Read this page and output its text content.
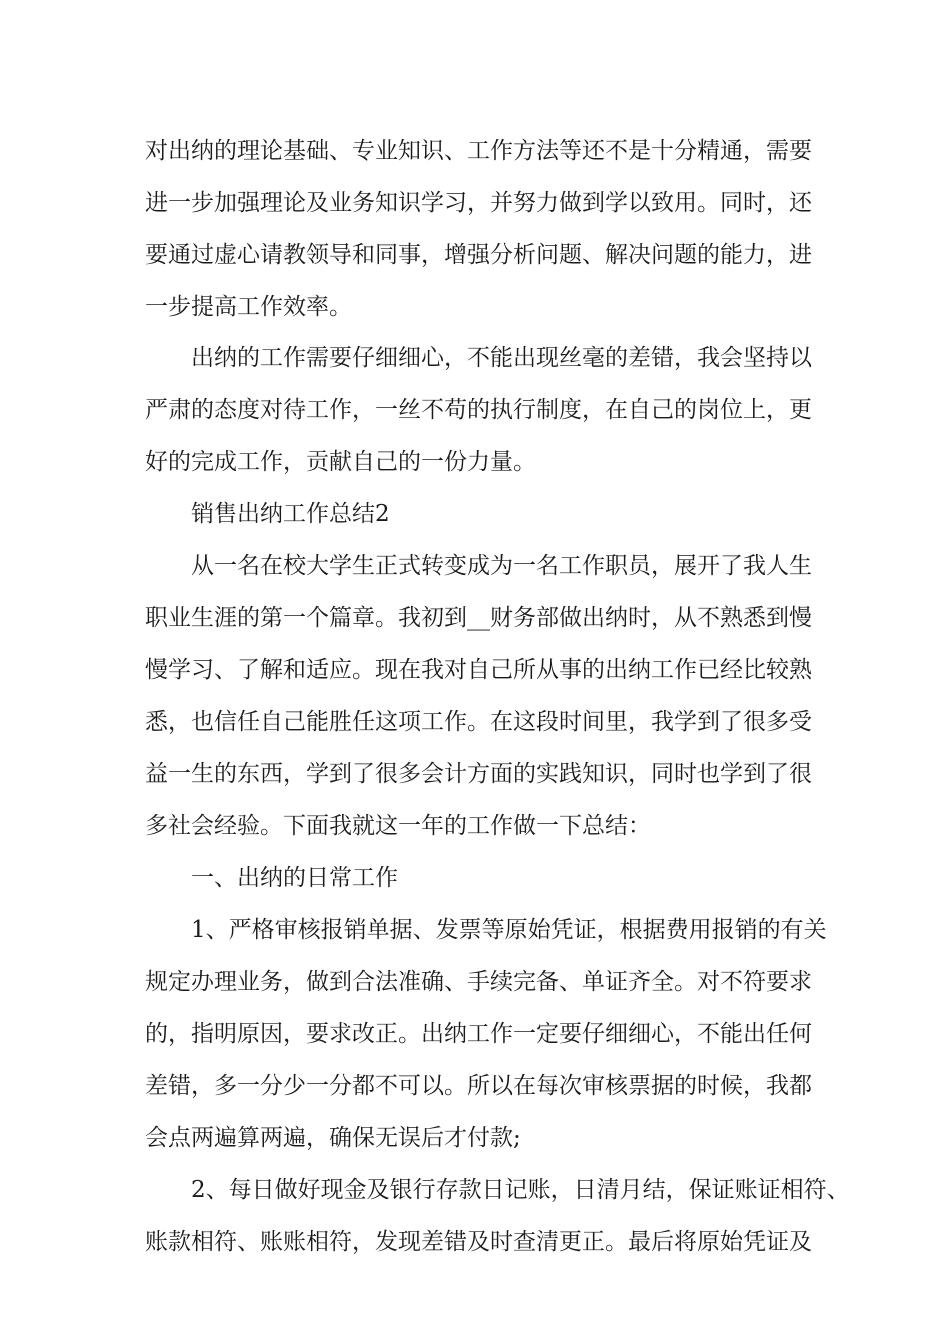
对出纳的理论基础、专业知识、工作方法等还不是十分精通，需要
进一步加强理论及业务知识学习，并努力做到学以致用。同时，还
要通过虚心请教领导和同事，增强分析问题、解决问题的能力，进
一步提高工作效率。
出纳的工作需要仔细细心，不能出现丝毫的差错，我会坚持以
严肃的态度对待工作，一丝不苟的执行制度，在自己的岗位上，更
好的完成工作，贡献自己的一份力量。
销售出纳工作总结2
从一名在校大学生正式转变成为一名工作职员，展开了我人生
职业生涯的第一个篇章。我初到__财务部做出纳时，从不熟悉到慢
慢学习、了解和适应。现在我对自己所从事的出纳工作已经比较熟
悉，也信任自己能胜任这项工作。在这段时间里，我学到了很多受
益一生的东西，学到了很多会计方面的实践知识，同时也学到了很
多社会经验。下面我就这一年的工作做一下总结：
一、出纳的日常工作
1、严格审核报销单据、发票等原始凭证，根据费用报销的有关
规定办理业务，做到合法准确、手续完备、单证齐全。对不符要求
的，指明原因，要求改正。出纳工作一定要仔细细心，不能出任何
差错，多一分少一分都不可以。所以在每次审核票据的时候，我都
会点两遍算两遍，确保无误后才付款;
2、每日做好现金及银行存款日记账，日清月结，保证账证相符、
账款相符、账账相符，发现差错及时查清更正。最后将原始凭证及
